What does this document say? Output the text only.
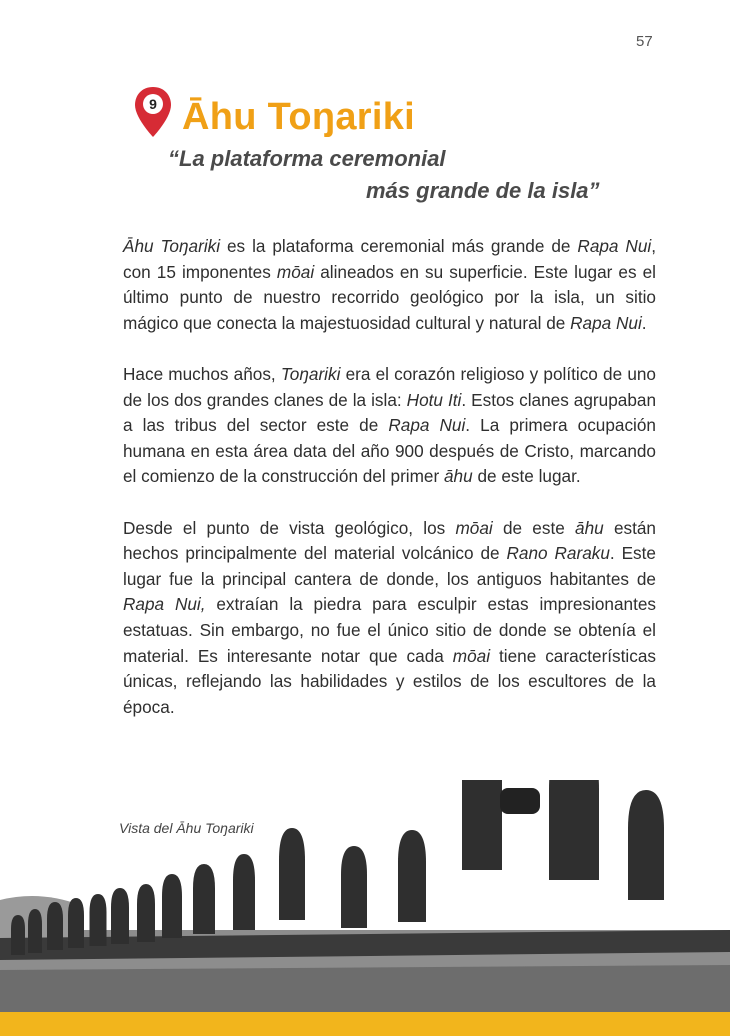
57
9 Āhu Toŋariki

“La plataforma ceremonial

más grande de la isla”

Āhu Toŋariki es la plataforma ceremonial más grande de Rapa Nui, con 15 imponentes mōai alineados en su superficie. Este lugar es el último punto de nuestro recorrido geológico por la isla, un sitio mágico que conecta la majestuosidad cultural y natural de Rapa Nui.

Hace muchos años, Toŋariki era el corazón religioso y político de uno de los dos grandes clanes de la isla: Hotu Iti. Estos clanes agrupaban a las tribus del sector este de Rapa Nui. La primera ocupación humana en esta área data del año 900 después de Cristo, marcando el comienzo de la construcción del primer āhu de este lugar.

Desde el punto de vista geológico, los mōai de este āhu están hechos principalmente del material volcánico de Rano Raraku. Este lugar fue la principal cantera de donde, los antiguos habitantes de Rapa Nui, extraían la piedra para esculpir estas impresionantes estatuas. Sin embargo, no fue el único sitio de donde se obtenía el material. Es interesante notar que cada mōai tiene características únicas, reflejando las habilidades y estilos de los escultores de la época.

Vista del Āhu Toŋariki
